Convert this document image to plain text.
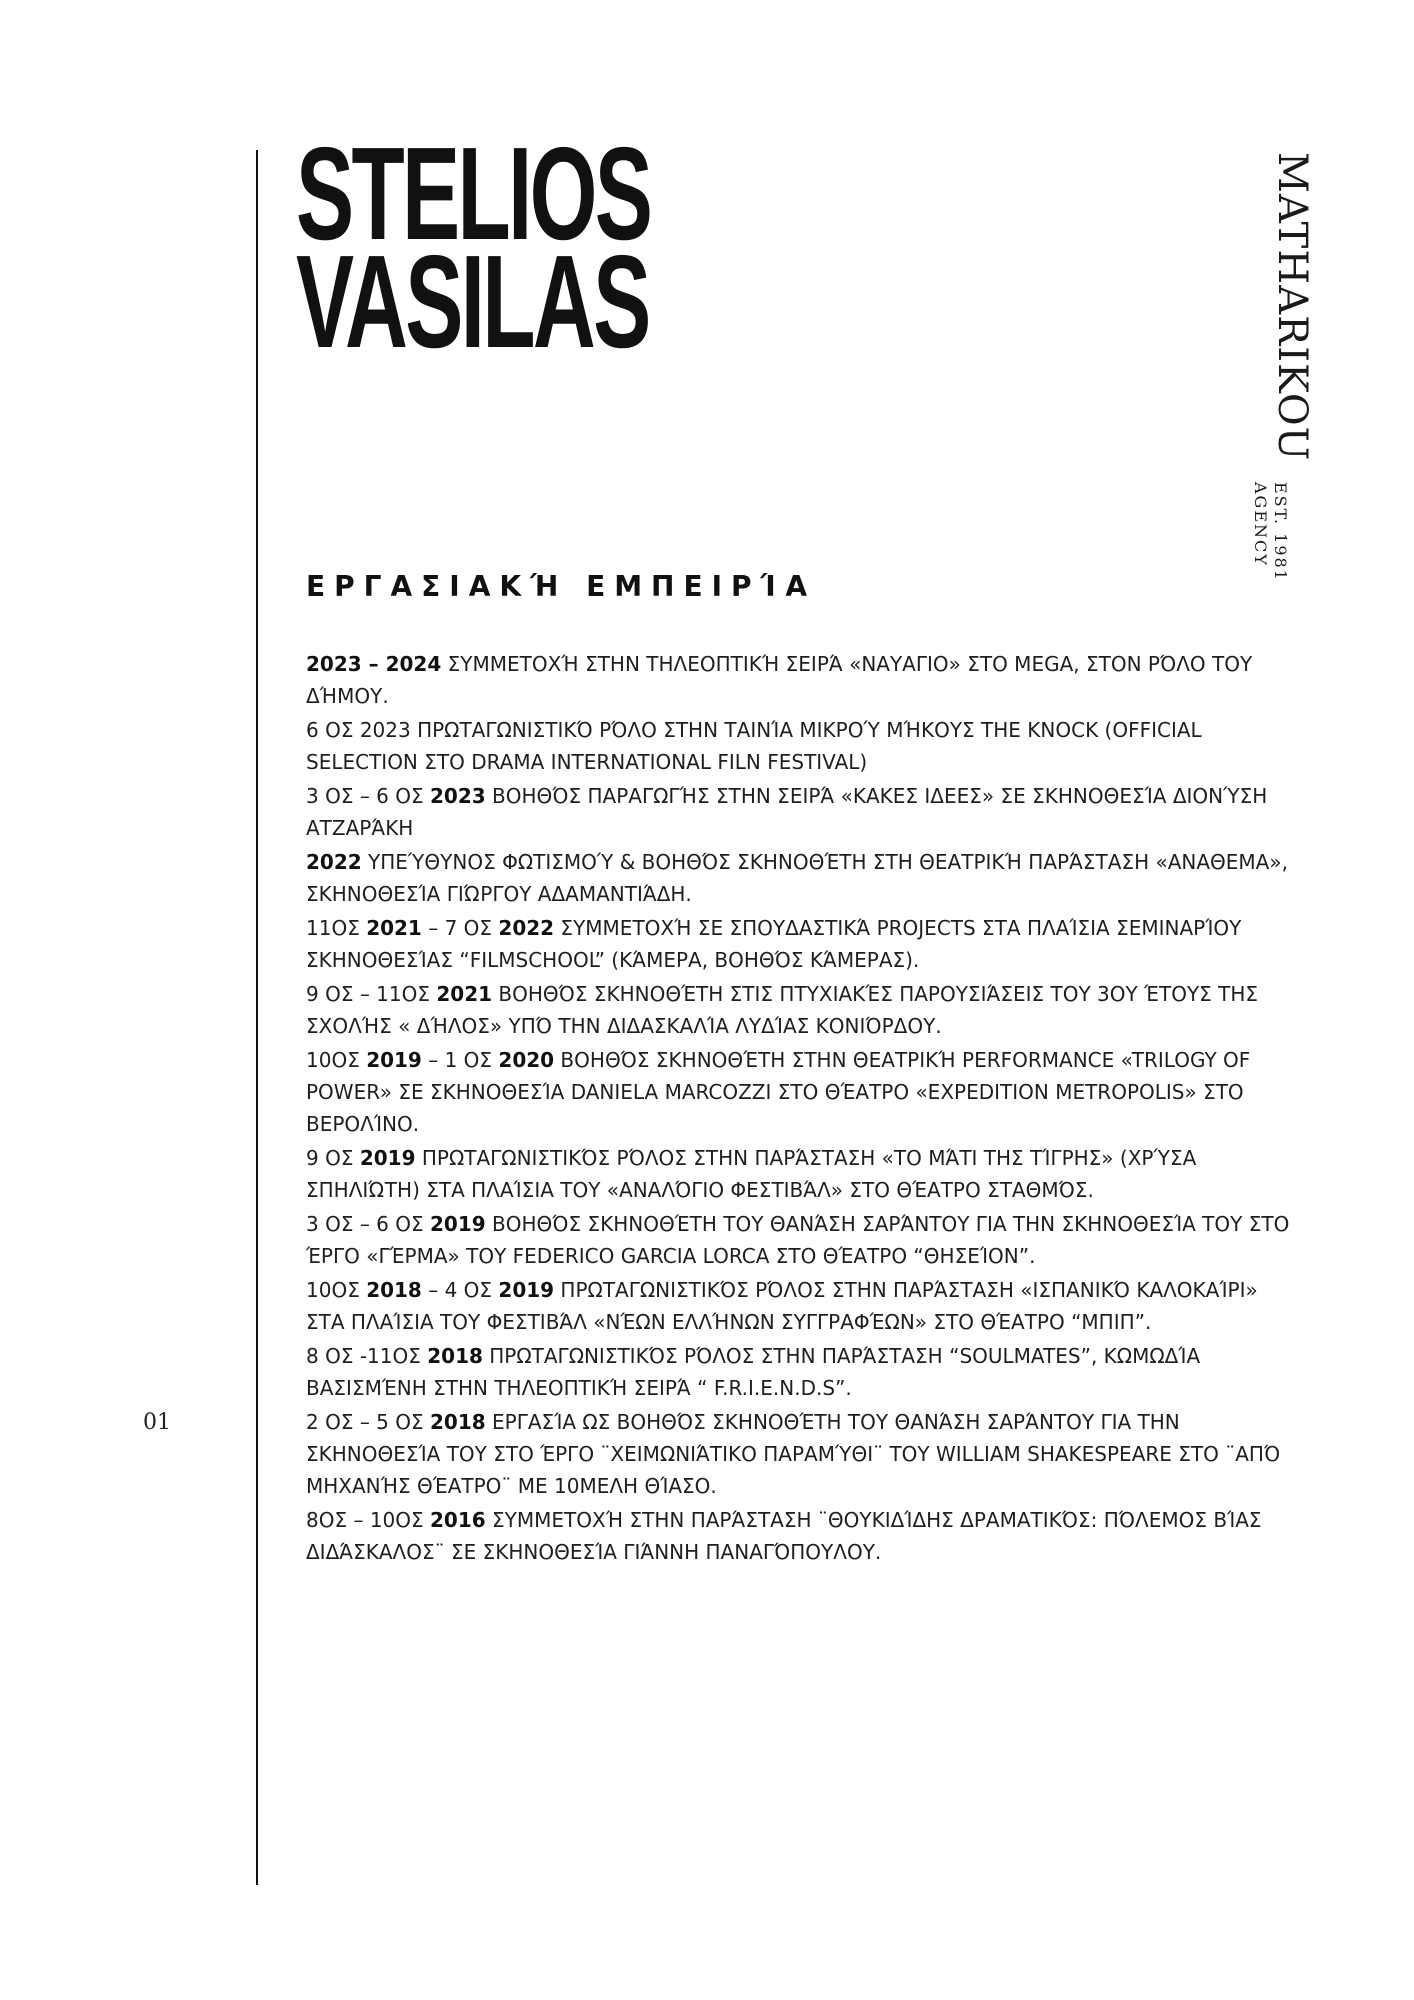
01
STELIOS
VASILAS	MATHARIKOU
EST. 1981
AGENCY
ΕΡΓΑΣΙΑΚΉ ΕΜΠΕΙΡΊΑ
2023 – 2024 ΣΥΜΜΕΤΟΧΉ ΣΤΗΝ ΤΗΛΕΟΠΤΙΚΉ ΣΕΙΡΆ «ΝΑΥΑΓΙΟ» ΣΤΟ MEGA, ΣΤΟΝ ΡΌΛΟ ΤΟΥ ΔΉΜΟΥ.
6 ΟΣ 2023 ΠΡΩΤΑΓΩΝΙΣΤΙΚΌ ΡΌΛΟ ΣΤΗΝ ΤΑΙΝΊΑ ΜΙΚΡΟΎ ΜΉΚΟΥΣ THE KNOCK (OFFICIAL SELECTION ΣΤΟ DRAMA INTERNATIONAL FILN FESTIVAL)
3 ΟΣ – 6 ΟΣ 2023 ΒΟΗΘΌΣ ΠΑΡΑΓΩΓΉΣ ΣΤΗΝ ΣΕΙΡΆ «ΚΑΚΕΣ ΙΔΕΕΣ» ΣΕ ΣΚΗΝΟΘΕΣΊΑ ΔΙΟΝΎΣΗ ΑΤΖΑΡΆΚΗ
2022 ΥΠΕΎΘΥΝΟΣ ΦΩΤΙΣΜΟΎ & ΒΟΗΘΌΣ ΣΚΗΝΟΘΈΤΗ ΣΤΗ ΘΕΑΤΡΙΚΉ ΠΑΡΆΣΤΑΣΗ «ΑΝΑΘΕΜΑ», ΣΚΗΝΟΘΕΣΊΑ ΓΙΏΡΓΟΥ ΑΔΑΜΑΝΤΙΆΔΗ.
11ΟΣ 2021 – 7 ΟΣ 2022 ΣΥΜΜΕΤΟΧΉ ΣΕ ΣΠΟΥΔΑΣΤΙΚΆ PROJECTS ΣΤΑ ΠΛΑΊΣΙΑ ΣΕΜΙΝΑΡΊΟΥ ΣΚΗΝΟΘΕΣΊΑΣ “FILMSCHOOL” (ΚΆΜΕΡΑ, ΒΟΗΘΌΣ ΚΆΜΕΡΑΣ).
9 ΟΣ – 11ΟΣ 2021 ΒΟΗΘΌΣ ΣΚΗΝΟΘΈΤΗ ΣΤΙΣ ΠΤΥΧΙΑΚΈΣ ΠΑΡΟΥΣΙΆΣΕΙΣ ΤΟΥ 3ΟΥ ΈΤΟΥΣ ΤΗΣ ΣΧΟΛΉΣ « ΔΉΛΟΣ» ΥΠΌ ΤΗΝ ΔΙΔΑΣΚΑΛΊΑ ΛΥΔΊΑΣ ΚΟΝΙΌΡΔΟΥ.
10ΟΣ 2019 – 1 ΟΣ 2020 ΒΟΗΘΌΣ ΣΚΗΝΟΘΈΤΗ ΣΤΗΝ ΘΕΑΤΡΙΚΉ PERFORMANCE «TRILOGY OF POWER» ΣΕ ΣΚΗΝΟΘΕΣΊΑ DANIELA MARCOZZI ΣΤΟ ΘΈΑΤΡΟ «EXPEDITION METROPOLIS» ΣΤΟ ΒΕΡΟΛΊΝΟ.
9 ΟΣ 2019 ΠΡΩΤΑΓΩΝΙΣΤΙΚΌΣ ΡΌΛΟΣ ΣΤΗΝ ΠΑΡΆΣΤΑΣΗ «ΤΟ ΜΆΤΙ ΤΗΣ ΤΊΓΡΗΣ» (ΧΡΎΣΑ ΣΠΗΛΙΏΤΗ) ΣΤΑ ΠΛΑΊΣΙΑ ΤΟΥ «ΑΝΑΛΌΓΙΟ ΦΕΣΤΙΒΆΛ» ΣΤΟ ΘΈΑΤΡΟ ΣΤΑΘΜΌΣ.
3 ΟΣ – 6 ΟΣ 2019 ΒΟΗΘΌΣ ΣΚΗΝΟΘΈΤΗ ΤΟΥ ΘΑΝΆΣΗ ΣΑΡΆΝΤΟΥ ΓΙΑ ΤΗΝ ΣΚΗΝΟΘΕΣΊΑ ΤΟΥ ΣΤΟ ΈΡΓΟ «ΓΈΡΜΑ» ΤΟΥ FEDERICO GARCIA LORCA ΣΤΟ ΘΈΑΤΡΟ “ΘΗΣΕΊΟΝ”.
10ΟΣ 2018 – 4 ΟΣ 2019 ΠΡΩΤΑΓΩΝΙΣΤΙΚΌΣ ΡΌΛΟΣ ΣΤΗΝ ΠΑΡΆΣΤΑΣΗ «ΙΣΠΑΝΙΚΌ ΚΑΛΟΚΑΊΡΙ» ΣΤΑ ΠΛΑΊΣΙΑ ΤΟΥ ΦΕΣΤΙΒΆΛ «ΝΈΩΝ ΕΛΛΉΝΩΝ ΣΥΓΓΡΑΦΈΩΝ» ΣΤΟ ΘΈΑΤΡΟ “ΜΠΙΠ”.
8 ΟΣ -11ΟΣ 2018 ΠΡΩΤΑΓΩΝΙΣΤΙΚΌΣ ΡΌΛΟΣ ΣΤΗΝ ΠΑΡΆΣΤΑΣΗ “SOULMATES”, ΚΩΜΩΔΊΑ ΒΑΣΙΣΜΈΝΗ ΣΤΗΝ ΤΗΛΕΟΠΤΙΚΉ ΣΕΙΡΆ “ F.R.I.E.N.D.S”.
2 ΟΣ – 5 ΟΣ 2018 ΕΡΓΑΣΊΑ ΩΣ ΒΟΗΘΌΣ ΣΚΗΝΟΘΈΤΗ ΤΟΥ ΘΑΝΆΣΗ ΣΑΡΆΝΤΟΥ ΓΙΑ ΤΗΝ ΣΚΗΝΟΘΕΣΊΑ ΤΟΥ ΣΤΟ ΈΡΓΟ ¨ΧΕΙΜΩΝΙΆΤΙΚΟ ΠΑΡΑΜΎΘΙ¨ ΤΟΥ WILLIAM SHAKESPEARE ΣΤΟ ¨ΑΠΌ ΜΗΧΑΝΉΣ ΘΈΑΤΡΟ¨ ΜΕ 10ΜΕΛΗ ΘΊΑΣΟ.
8ΟΣ – 10ΟΣ 2016 ΣΥΜΜΕΤΟΧΉ ΣΤΗΝ ΠΑΡΆΣΤΑΣΗ ¨ΘΟΥΚΙΔΊΔΗΣ ΔΡΑΜΑΤΙΚΌΣ: ΠΌΛΕΜΟΣ ΒΊΑΣ ΔΙΔΆΣΚΑΛΟΣ¨ ΣΕ ΣΚΗΝΟΘΕΣΊΑ ΓΙΆΝΝΗ ΠΑΝΑΓΌΠΟΥΛΟΥ.
